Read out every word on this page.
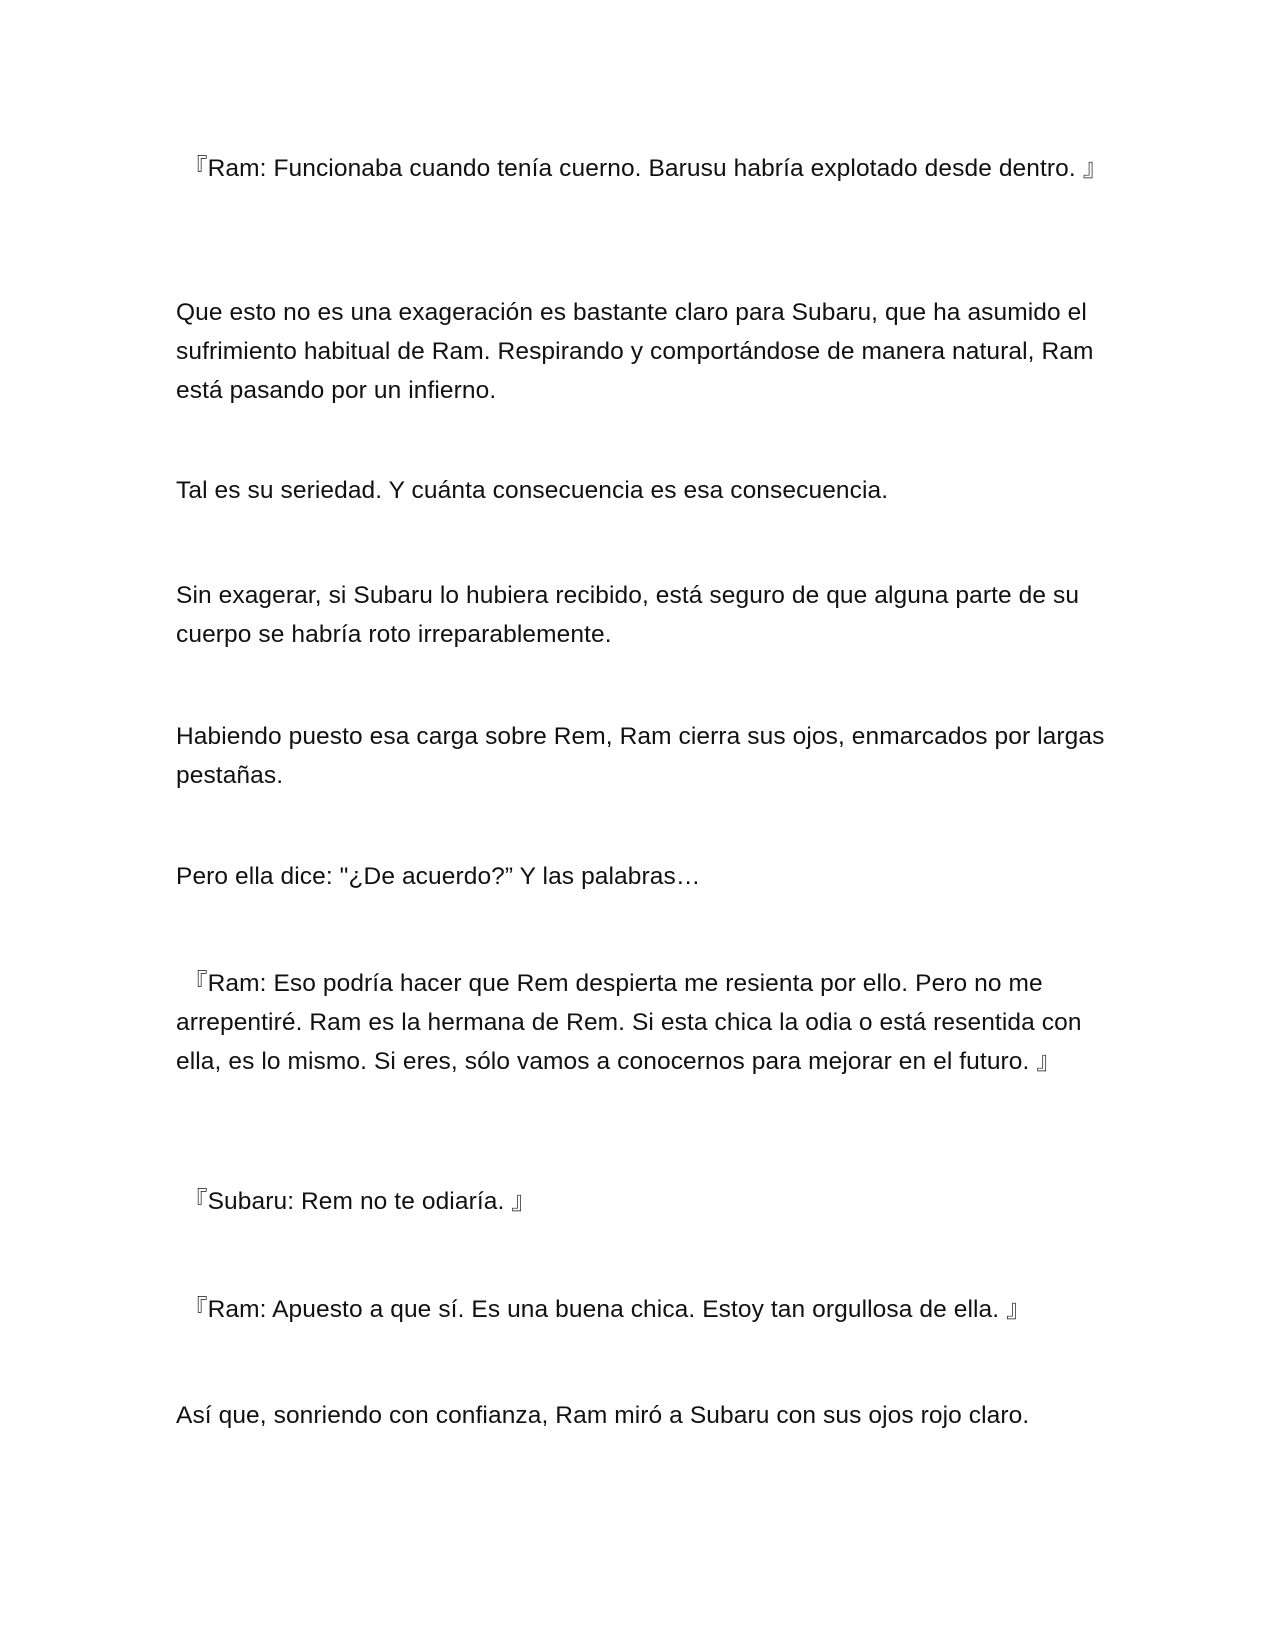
『Ram: Funcionaba cuando tenía cuerno. Barusu habría explotado desde dentro. 』

Que esto no es una exageración es bastante claro para Subaru, que ha asumido el sufrimiento habitual de Ram. Respirando y comportándose de manera natural, Ram está pasando por un infierno.

Tal es su seriedad. Y cuánta consecuencia es esa consecuencia.

Sin exagerar, si Subaru lo hubiera recibido, está seguro de que alguna parte de su cuerpo se habría roto irreparablemente.

Habiendo puesto esa carga sobre Rem, Ram cierra sus ojos, enmarcados por largas pestañas.

Pero ella dice: "¿De acuerdo?” Y las palabras…

『Ram: Eso podría hacer que Rem despierta me resienta por ello. Pero no me arrepentiré. Ram es la hermana de Rem. Si esta chica la odia o está resentida con ella, es lo mismo. Si eres, sólo vamos a conocernos para mejorar en el futuro. 』

『Subaru: Rem no te odiaría. 』

『Ram: Apuesto a que sí. Es una buena chica. Estoy tan orgullosa de ella. 』

Así que, sonriendo con confianza, Ram miró a Subaru con sus ojos rojo claro.
